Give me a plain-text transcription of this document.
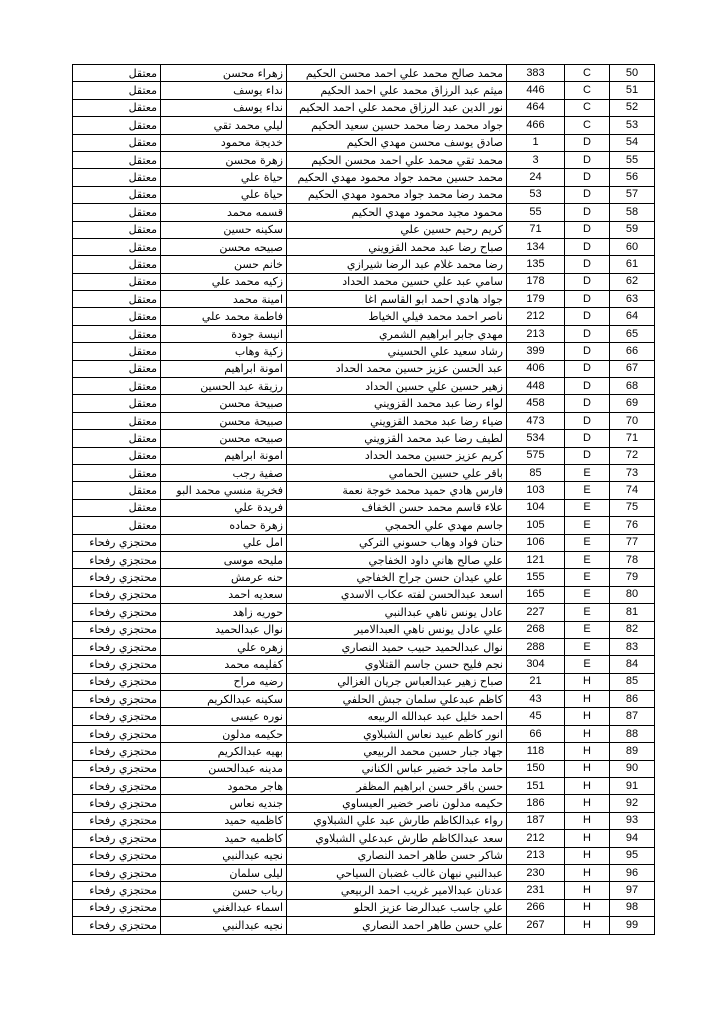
معتقل	زهراء محسن	محمد صالح محمد علي احمد محسن الحكيم	383	C	50
معتقل	نداء يوسف	ميثم عبد الرزاق محمد علي احمد الحكيم	446	C	51
معتقل	نداء يوسف	نور الدين عبد الرزاق محمد علي احمد الحكيم	464	C	52
معتقل	ليلي محمد تقي	جواد محمد رضا محمد حسين سعيد الحكيم	466	C	53
معتقل	خديجة محمود	صادق يوسف محسن مهدي الحكيم	1	D	54
معتقل	زهرة محسن	محمد تقي محمد علي احمد محسن الحكيم	3	D	55
معتقل	حياة علي	محمد حسين محمد جواد محمود مهدي الحكيم	24	D	56
معتقل	حياة علي	محمد رضا محمد جواد محمود مهدي الحكيم	53	D	57
معتقل	قسمه محمد	محمود مجيد محمود مهدي الحكيم	55	D	58
معتقل	سكينه حسين	كريم رحيم حسين علي	71	D	59
معتقل	صبيحه محسن	صباح رضا عبد محمد القزويني	134	D	60
معتقل	خانم حسن	رضا محمد غلام عبد الرضا شيرازي	135	D	61
معتقل	زكيه محمد علي	سامي عبد علي حسين محمد الحداد	178	D	62
معتقل	امينة محمد	جواد هادي احمد ابو القاسم اغا	179	D	63
معتقل	فاطمة محمد علي	ناصر احمد محمد فيلي الخياط	212	D	64
معتقل	انيسة جودة	مهدي جابر ابراهيم الشمري	213	D	65
معتقل	زكية وهاب	رشاد سعيد علي الحسيني	399	D	66
معتقل	امونة ابراهيم	عبد الحسن عزيز حسين محمد الحداد	406	D	67
معتقل	رزيقة عبد الحسين	زهير حسين علي حسين الحداد	448	D	68
معتقل	صبيحة محسن	لواء رضا عبد محمد القزويني	458	D	69
معتقل	صبيحة محسن	ضياء رضا عبد محمد القزويني	473	D	70
معتقل	صبيحه محسن	لطيف رضا عبد محمد القزويني	534	D	71
معتقل	امونة ابراهيم	كريم عزيز حسين محمد الحداد	575	D	72
معتقل	صفية رجب	باقر علي حسين الحمامي	85	E	73
معتقل	فخرية منسي محمد البو	فارس هادي حميد محمد خوجة نعمة	103	E	74
معتقل	فريدة علي	علاء قاسم محمد حسن الخفاف	104	E	75
معتقل	زهرة حماده	جاسم مهدي علي الحمجي	105	E	76
محتجزي رفحاء	امل علي	حنان فواد وهاب حسوني التركي	106	E	77
محتجزي رفحاء	مليحه موسى	علي صالح هاني داود الخفاجي	121	E	78
محتجزي رفحاء	حنه عرمش	علي عيدان حسن جراح الخفاجي	155	E	79
محتجزي رفحاء	سعديه احمد	اسعد عبدالحسن لفته عكاب الاسدي	165	E	80
محتجزي رفحاء	حوريه زاهد	عادل يونس ناهي عبدالنبي	227	E	81
محتجزي رفحاء	نوال عبدالحميد	علي عادل يونس ناهي العبدالامير	268	E	82
محتجزي رفحاء	زهره علي	نوال عبدالحميد حبيب حميد النصاري	288	E	83
محتجزي رفحاء	كفليمه محمد	نجم فليح حسن جاسم القتلاوي	304	E	84
محتجزي رفحاء	رضيه مراح	صباح زهير عبدالعباس جريان الغزالي	21	H	85
محتجزي رفحاء	سكينه عبدالكريم	كاظم عبدعلي سلمان جبش الحلفي	43	H	86
محتجزي رفحاء	نوره عيسى	احمد خليل عبد عبدالله الربيعه	45	H	87
محتجزي رفحاء	حكيمه مدلون	انور كاظم عبيد نعاس الشبلاوي	66	H	88
محتجزي رفحاء	بهيه عبدالكريم	جهاد جبار حسين محمد الربيعي	118	H	89
محتجزي رفحاء	مدينه عبدالحسن	حامد ماجد خضير عباس الكناني	150	H	90
محتجزي رفحاء	هاجر محمود	حسن باقر حسن ابراهيم المظفر	151	H	91
محتجزي رفحاء	جنديه نعاس	حكيمه مدلون ناصر خضير العيساوي	186	H	92
محتجزي رفحاء	كاظميه حميد	رواء عبدالكاظم طارش عبد علي الشبلاوي	187	H	93
محتجزي رفحاء	كاظميه حميد	سعد عبدالكاظم طارش عبدعلي الشبلاوي	212	H	94
محتجزي رفحاء	نجيه عبدالنبي	شاكر حسن طاهر احمد النصاري	213	H	95
محتجزي رفحاء	ليلى سلمان	عبدالنبي نبهان غالب غضبان السياحي	230	H	96
محتجزي رفحاء	رباب حسن	عدنان عبدالامير غريب احمد الربيعي	231	H	97
محتجزي رفحاء	اسماء عبدالغني	علي جاسب عبدالرضا عزيز الحلو	266	H	98
محتجزي رفحاء	نجيه عبدالنبي	علي حسن طاهر احمد النصاري	267	H	99
